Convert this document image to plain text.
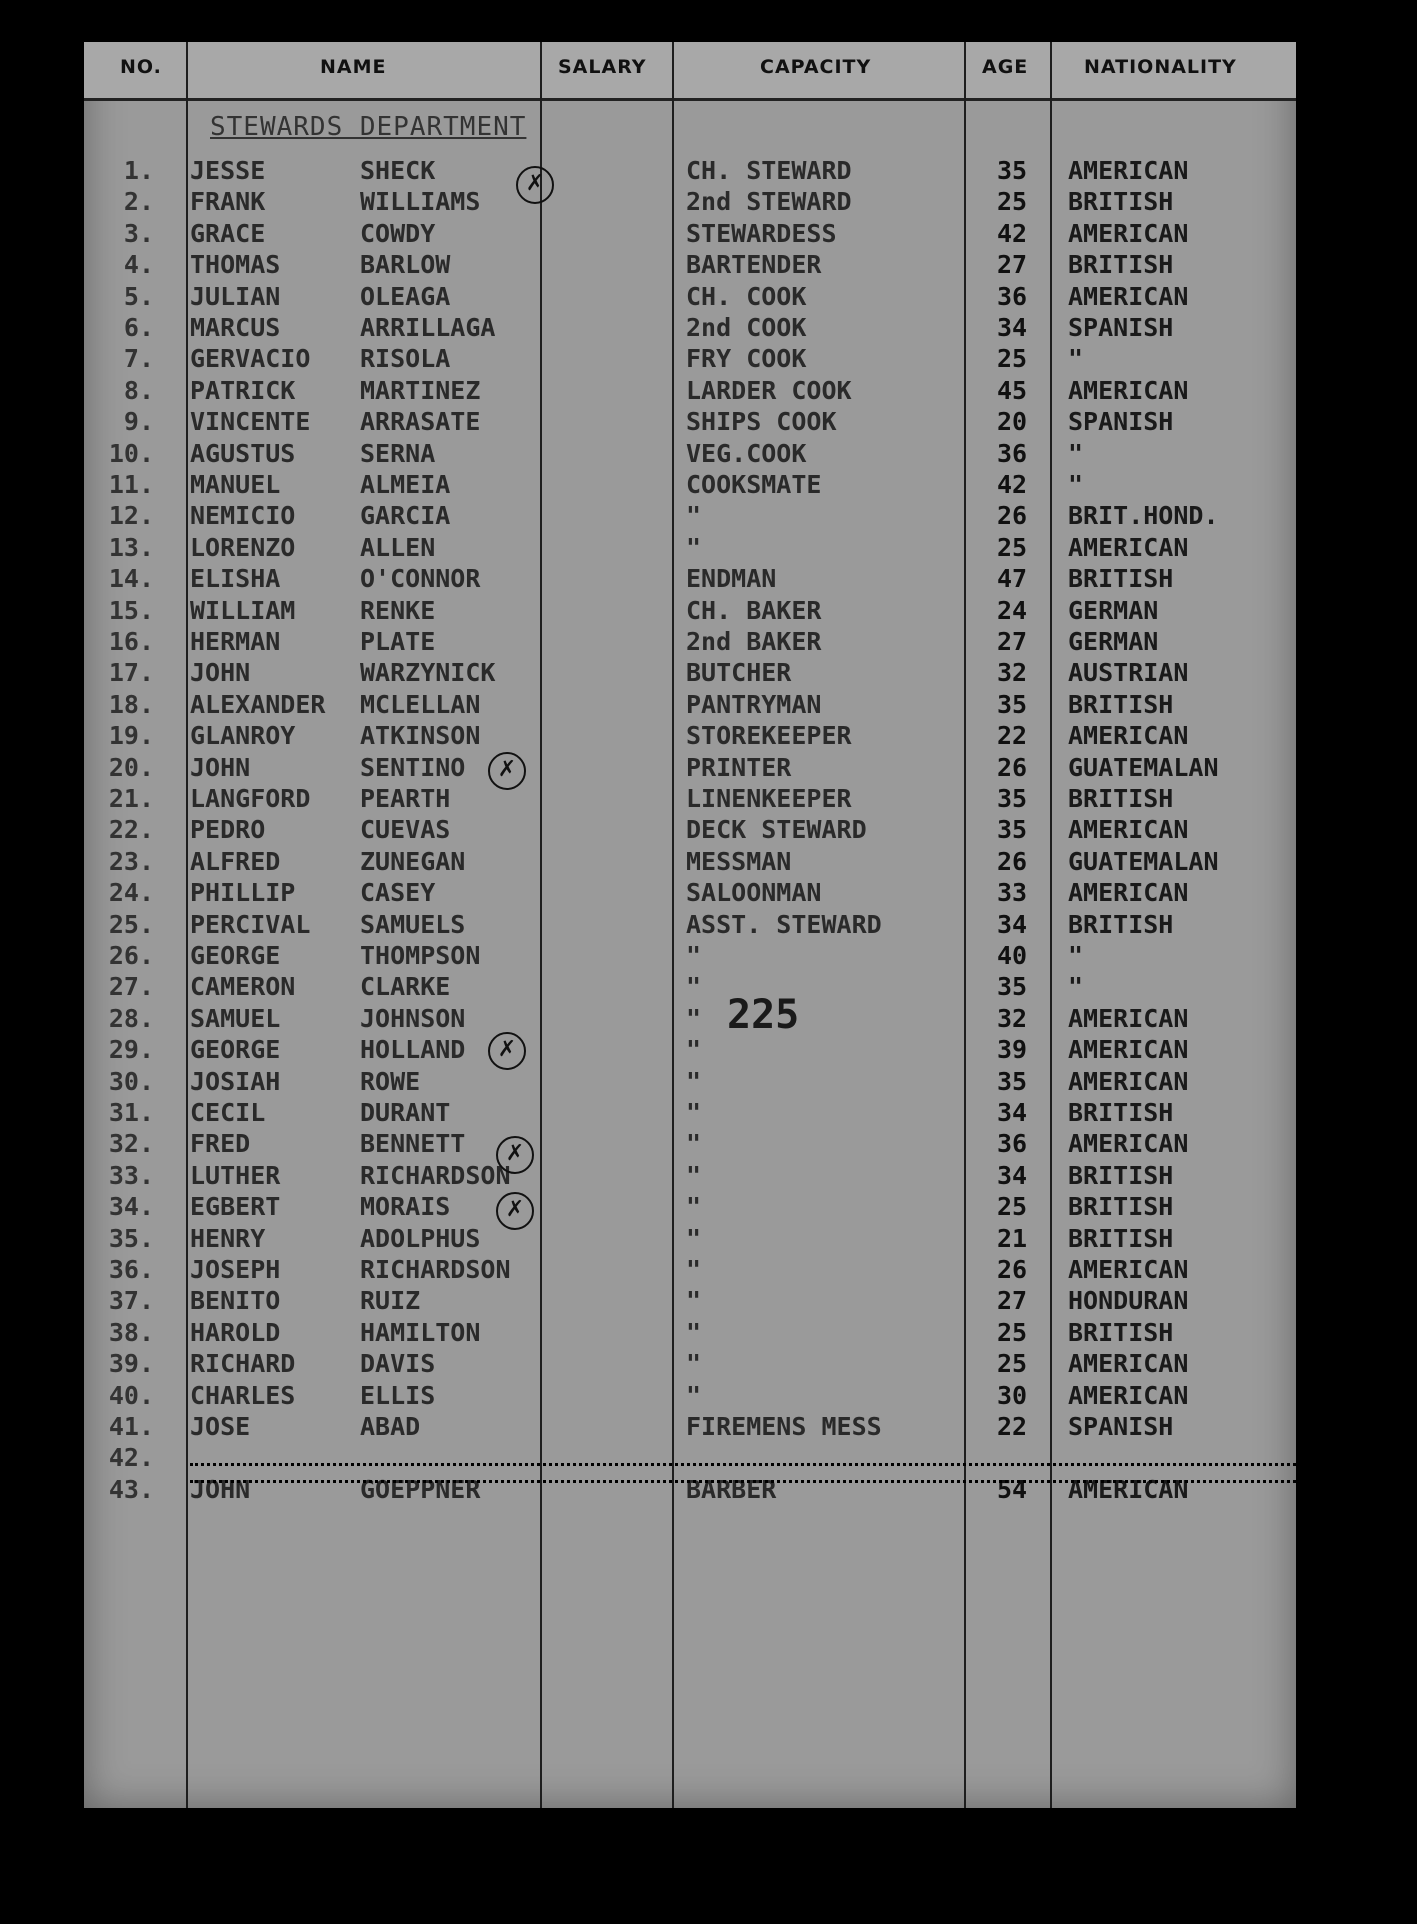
NO.	NAME	SALARY	CAPACITY	AGE	NATIONALITY
STEWARDS DEPARTMENT
1. JESSE	SHECK	CH. STEWARD	35	AMERICAN
2. FRANK	WILLIAMS	2nd STEWARD	25	BRITISH
3. GRACE	COWDY	STEWARDESS	42	AMERICAN
4. THOMAS	BARLOW	BARTENDER	27	BRITISH
5. JULIAN	OLEAGA	CH. COOK	36	AMERICAN
6. MARCUS	ARRILLAGA	2nd COOK	34	SPANISH
7. GERVACIO RISOLA	FRY COOK	25	"
8. PATRICK	MARTINEZ	LARDER COOK	45	AMERICAN
9. VINCENTE ARRASATE	SHIPS COOK	20	SPANISH
10. AGUSTUS	SERNA	VEG.COOK	36	"
11. MANUEL	ALMEIA	COOKSMATE	42	"
12. NEMICIO	GARCIA	"	26	BRIT.HOND.
13. LORENZO	ALLEN	"	25	AMERICAN
14. ELISHA	O'CONNOR	ENDMAN	47	BRITISH
15. WILLIAM	RENKE	CH. BAKER	24	GERMAN
16. HERMAN	PLATE	2nd BAKER	27	GERMAN
17. JOHN	WARZYNICK	BUTCHER	32	AUSTRIAN
18. ALEXANDER MCLELLAN	PANTRYMAN	35	BRITISH
19. GLANROY	ATKINSON	STOREKEEPER	22	AMERICAN
20. JOHN	SENTINO	PRINTER	26	GUATEMALAN
21. LANGFORD PEARTH	LINENKEEPER	35	BRITISH
22. PEDRO	CUEVAS	DECK STEWARD	35	AMERICAN
23. ALFRED	ZUNEGAN	MESSMAN	26	GUATEMALAN
24. PHILLIP	CASEY	SALOONMAN	33	AMERICAN
25. PERCIVAL SAMUELS	ASST. STEWARD	34	BRITISH
26. GEORGE	THOMPSON	"	40	"
27. CAMERON	CLARKE	"	35	"
28. SAMUEL	JOHNSON	"	32	AMERICAN
29. GEORGE	HOLLAND	"	39	AMERICAN
30. JOSIAH	ROWE	"	35	AMERICAN
31. CECIL	DURANT	"	34	BRITISH
32. FRED	BENNETT	"	36	AMERICAN
33. LUTHER	RICHARDSON	"	34	BRITISH
34. EGBERT	MORAIS	"	25	BRITISH
35. HENRY	ADOLPHUS	"	21	BRITISH
36. JOSEPH	RICHARDSON	"	26	AMERICAN
37. BENITO	RUIZ	"	27	HONDURAN
38. HAROLD	HAMILTON	"	25	BRITISH
39. RICHARD	DAVIS	"	25	AMERICAN
40. CHARLES	ELLIS	"	30	AMERICAN
41. JOSE	ABAD	FIREMENS MESS	22	SPANISH
42.
43. JOHN	GOEPPNER	BARBER	54	AMERICAN
225
✗
✗
✗
✗
✗
